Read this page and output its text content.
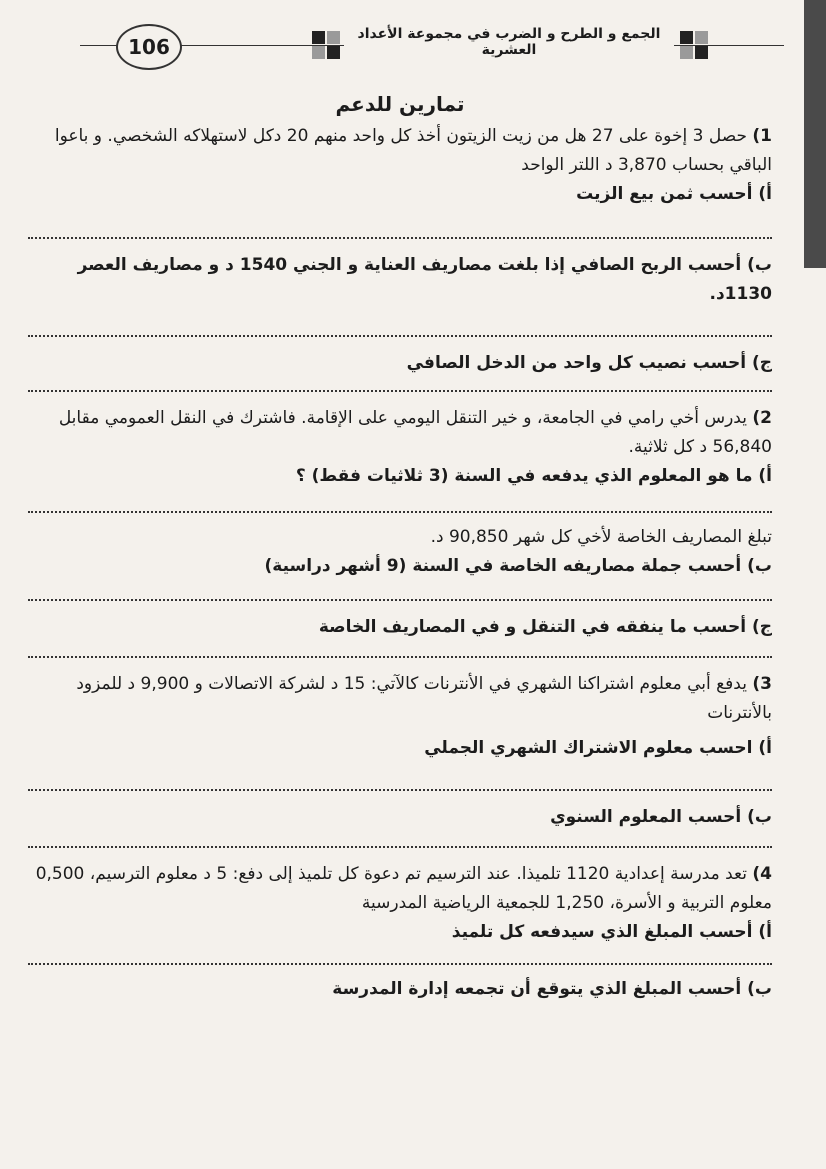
الجمع و الطرح و الضرب في مجموعة الأعداد العشرية
106

تمارين للدعم

1) حصل 3 إخوة على 27 هل من زيت الزيتون أخذ كل واحد منهم 20 دكل لاستهلاكه الشخصي. و باعوا الباقي بحساب 3,870 د اللتر الواحد

أ) أحسب ثمن بيع الزيت

ب) أحسب الربح الصافي إذا بلغت مصاريف العناية و الجني 1540 د و مصاريف العصر 1130د.

ج) أحسب نصيب كل واحد من الدخل الصافي

2) يدرس أخي رامي في الجامعة، و خير التنقل اليومي على الإقامة. فاشترك في النقل العمومي مقابل 56,840 د كل ثلاثية.

أ) ما هو المعلوم الذي يدفعه في السنة (3 ثلاثيات فقط) ؟

تبلغ المصاريف الخاصة لأخي كل شهر 90,850 د.

ب) أحسب جملة مصاريفه الخاصة في السنة (9 أشهر دراسية)

ج) أحسب ما ينفقه في التنقل و في المصاريف الخاصة

3) يدفع أبي معلوم اشتراكنا الشهري في الأنترنات كالآتي: 15 د لشركة الاتصالات و 9,900 د للمزود بالأنترنات

أ) احسب معلوم الاشتراك الشهري الجملي

ب) أحسب المعلوم السنوي

4) تعد مدرسة إعدادية 1120 تلميذا. عند الترسيم تم دعوة كل تلميذ إلى دفع: 5 د معلوم الترسيم، 0,500 معلوم التربية و الأسرة، 1,250 للجمعية الرياضية المدرسية

أ) أحسب المبلغ الذي سيدفعه كل تلميذ

ب) أحسب المبلغ الذي يتوقع أن تجمعه إدارة المدرسة
